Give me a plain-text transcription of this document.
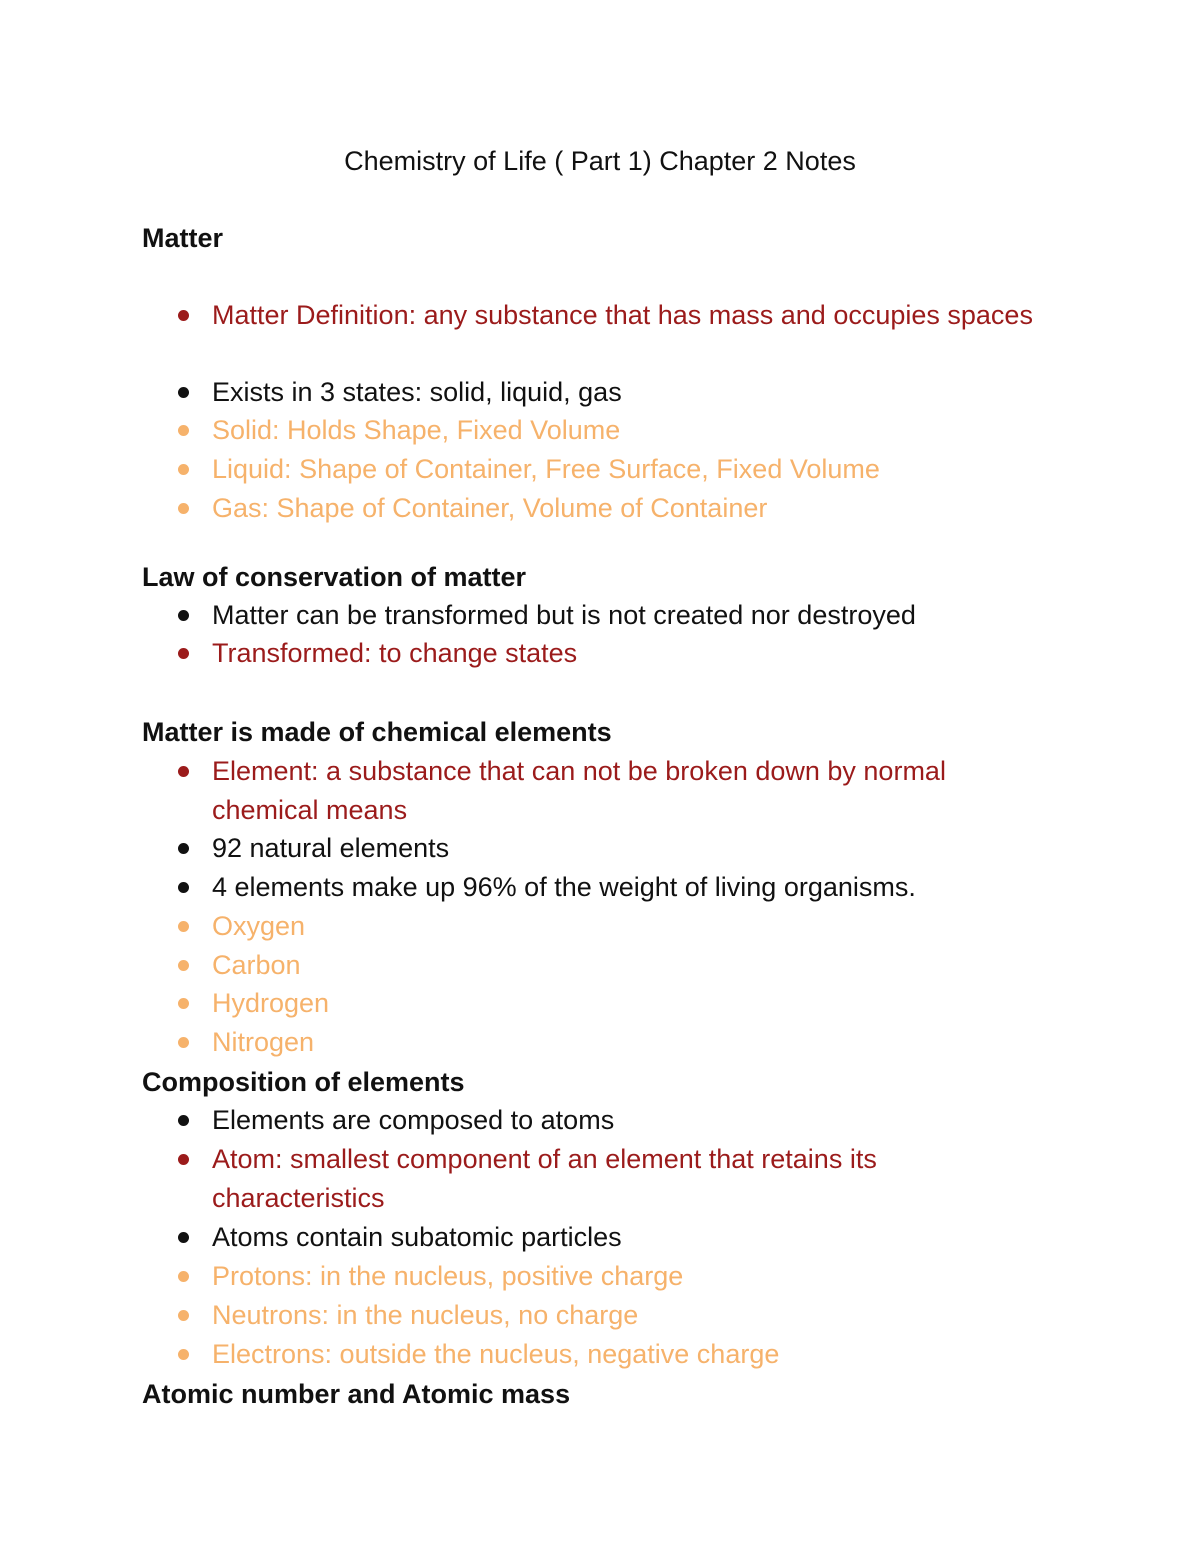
Chemistry of Life ( Part 1) Chapter 2 Notes
Matter
Matter Definition: any substance that has mass and occupies spaces
Exists in 3 states: solid, liquid, gas
Solid: Holds Shape, Fixed Volume
Liquid: Shape of Container, Free Surface, Fixed Volume
Gas: Shape of Container, Volume of Container
Law of conservation of matter
Matter can be transformed but is not created nor destroyed
Transformed: to change states
Matter is made of chemical elements
Element: a substance that can not be broken down by normal chemical means
92 natural elements
4 elements make up 96% of the weight of living organisms.
Oxygen
Carbon
Hydrogen
Nitrogen
Composition of elements
Elements are composed to atoms
Atom: smallest component of an element that retains its characteristics
Atoms contain subatomic particles
Protons: in the nucleus, positive charge
Neutrons: in the nucleus, no charge
Electrons: outside the nucleus, negative charge
Atomic number and Atomic mass
